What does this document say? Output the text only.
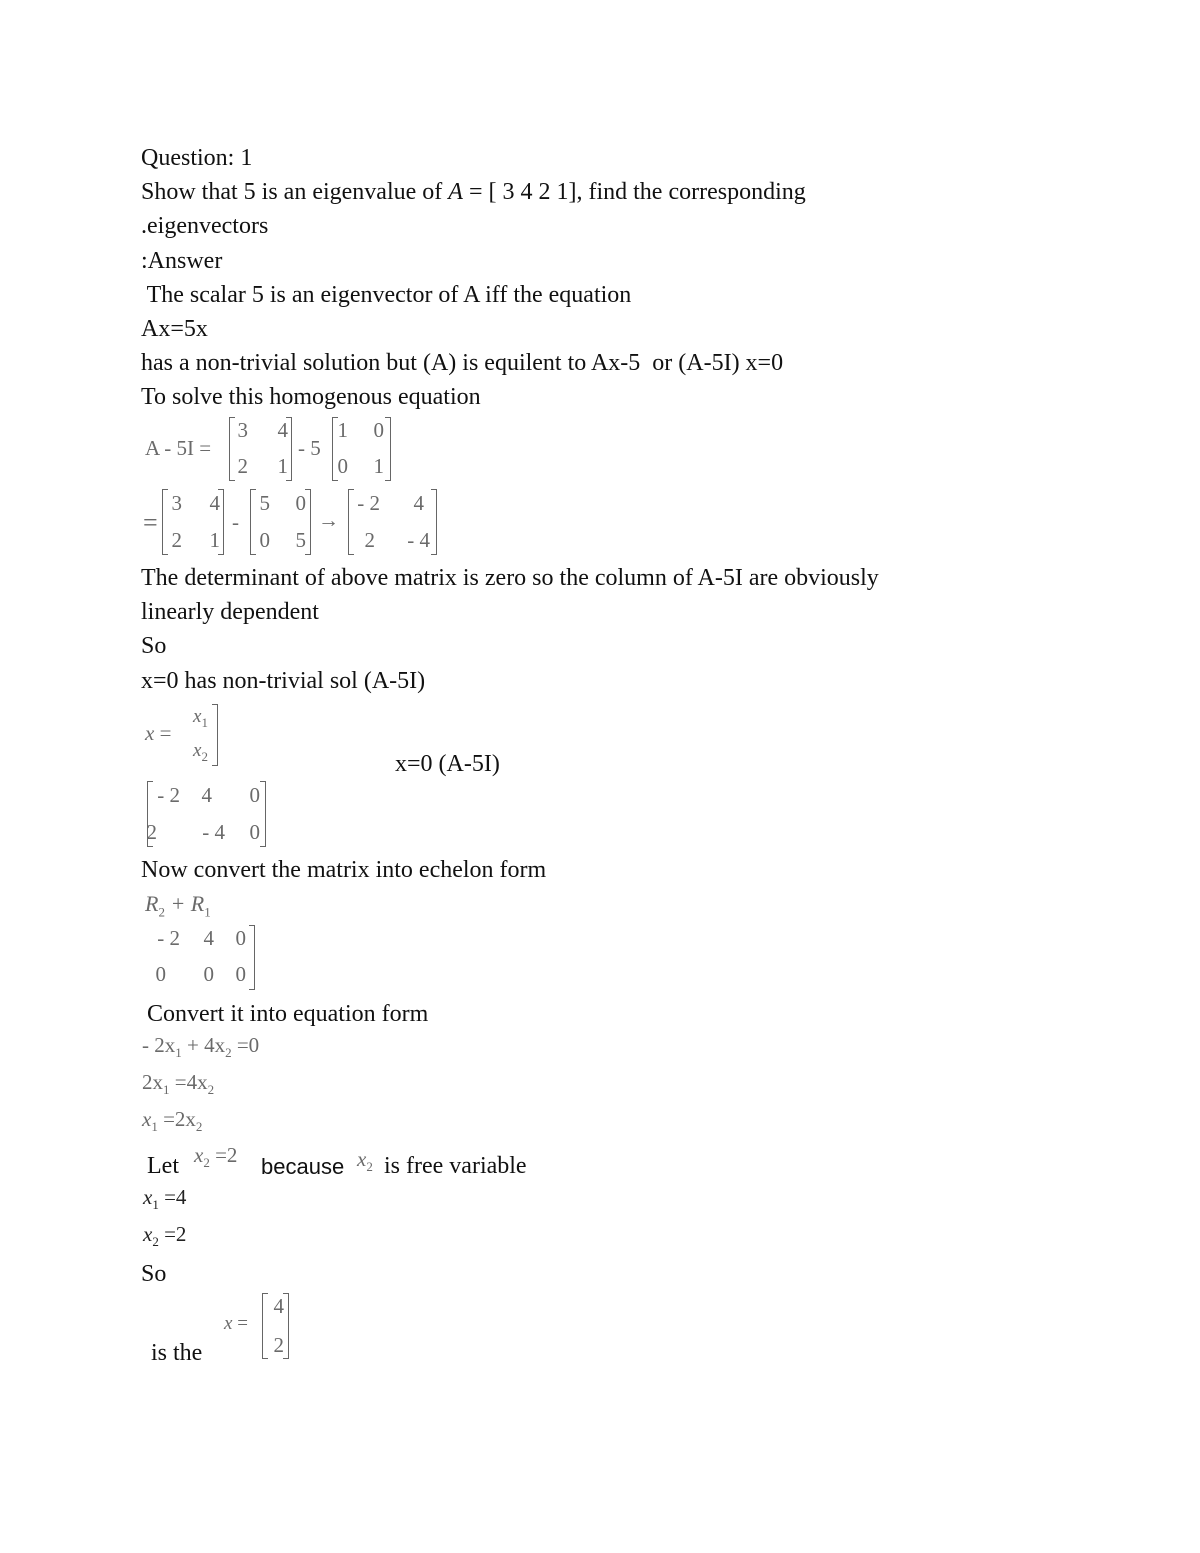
Question: 1
Show that 5 is an eigenvalue of A = [ 3 4 2 1], find the corresponding
.eigenvectors
:Answer
The scalar 5 is an eigenvector of A iff the equation
Ax=5x
has a non-trivial solution but (A) is equilent to Ax-5  or (A-5I) x=0
To solve this homogenous equation
A - 5I =
3	4
2	1
- 5
1	0
0	1
=
3	4
2	1
-
5	0
0	5
→
- 2	4
2	- 4
The determinant of above matrix is zero so the column of A-5I are obviously
linearly dependent
So
x=0 has non-trivial sol (A-5I)
x =
$x_1$
$x_2$	x=0 (A-5I)
- 2	4	0
2	- 4	0
Now convert the matrix into echelon form
$R_2 + R_1$
- 2	4	0
0	0	0
Convert it into equation form
- $2x_1 + 4x_2 =0$
$2x_1 =4x_2$
$x_1 =2x_2$
Let $x_2 =2$ because $x_2$ is free variable
$x_1 =4$
$x_2 =2$
So
x =
4
2
is the
